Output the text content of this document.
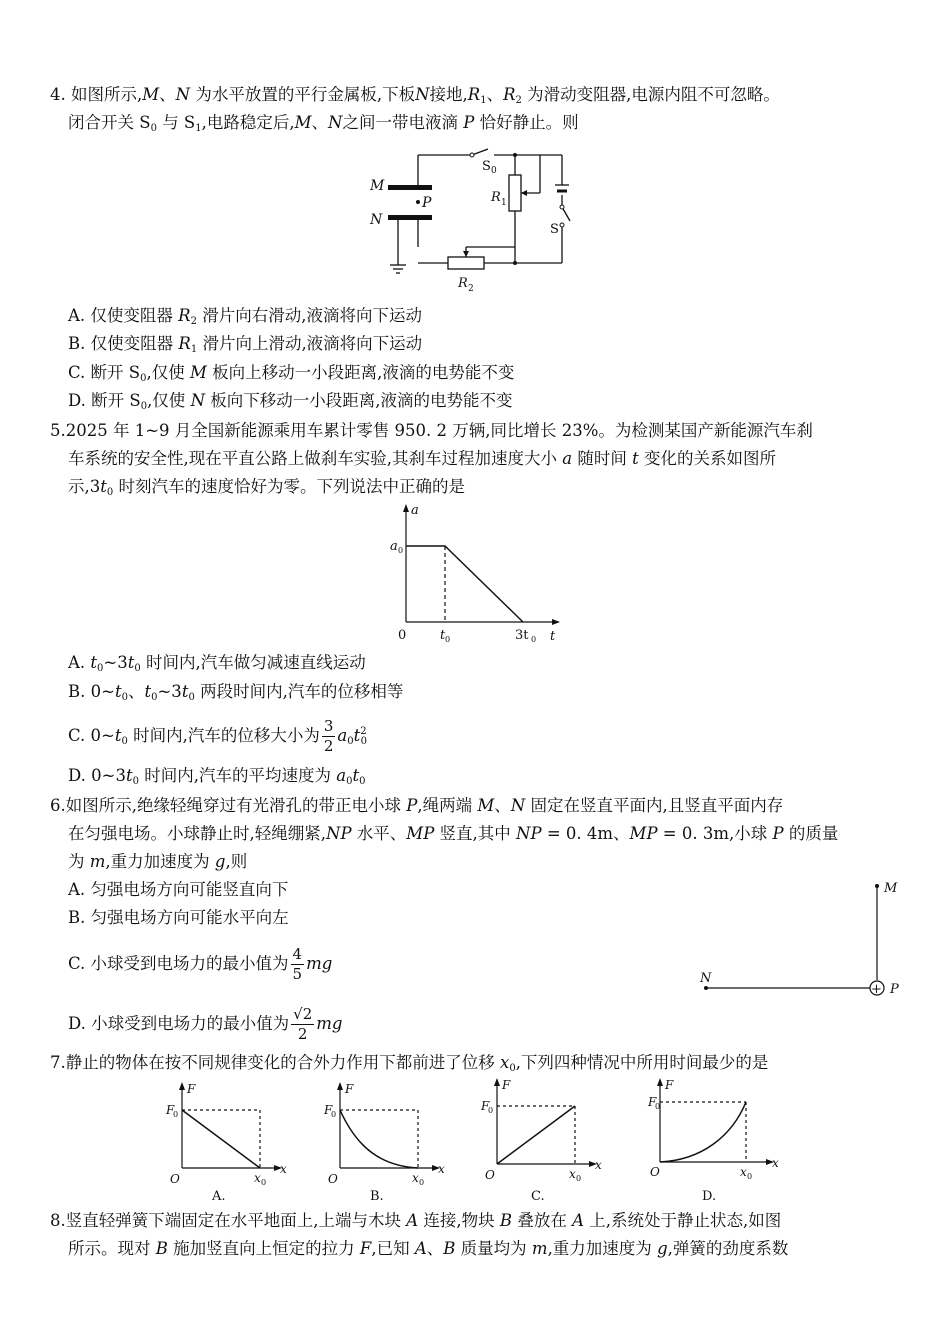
4. 如图所示,M、N 为水平放置的平行金属板,下板N接地$,R_1$、$R_2$ 为滑动变阻器,电源内阻不可忽略。
闭合开关 $S_0$ 与 $S_1$,电路稳定后,M、N之间一带电液滴 P 恰好静止。则
M
N
P
S 0
R 1
R 2
S
A. 仅使变阻器 $R_2$ 滑片向右滑动,液滴将向下运动
B. 仅使变阻器 $R_1$ 滑片向上滑动,液滴将向下运动
C. 断开 $S_0$,仅使 M 板向上移动一小段距离,液滴的电势能不变
D. 断开 $S_0$,仅使 N 板向下移动一小段距离,液滴的电势能不变
5.2025 年 1~9 月全国新能源乘用车累计零售 950. 2 万辆,同比增长 23%。为检测某国产新能源汽车刹
车系统的安全性,现在平直公路上做刹车实验,其刹车过程加速度大小 a 随时间 t 变化的关系如图所
示$,3t_0$ 时刻汽车的速度恰好为零。下列说法中正确的是
a
t
0
a 0
t 0	3t 0
A. $t_0\sim 3t_0$ 时间内,汽车做匀减速直线运动
B. $0\sim t_0$、$t_0\sim 3t_0$ 两段时间内,汽车的位移相等
C. $0\sim t_0$ 时间内,汽车的位移大小为 $\frac{3}{2} a_0t^2_0$
D. $0\sim 3t_0$ 时间内,汽车的平均速度为 $a_0t_0$
6.如图所示,绝缘轻绳穿过有光滑孔的带正电小球 P,绳两端 M、N 固定在竖直平面内,且竖直平面内存
在匀强电场。小球静止时,轻绳绷紧,NP 水平、MP 竖直,其中 NP = 0. 4m、MP = 0. 3m,小球 P 的质量
为 m,重力加速度为 g,则
A. 匀强电场方向可能竖直向下
B. 匀强电场方向可能水平向左
C. 小球受到电场力的最小值为 $\frac{4}{5}$ mg
D. 小球受到电场力的最小值为 $\frac{√2}{2}$ mg
+
M
N
P
7.静止的物体在按不同规律变化的合外力作用下都前进了位移 $x_0$,下列四种情况中所用时间最少的是
F
x
O
F
0
x 0
A.
F
x
O
F
0
x 0
B.
F
x
O
F
0
x 0
C.
F
x
O
F
0
x 0
D.
8.竖直轻弹簧下端固定在水平地面上,上端与木块 A 连接,物块 B 叠放在 A 上,系统处于静止状态,如图
所示。现对 B 施加竖直向上恒定的拉力 F,已知 A、B 质量均为 m,重力加速度为 g,弹簧的劲度系数
